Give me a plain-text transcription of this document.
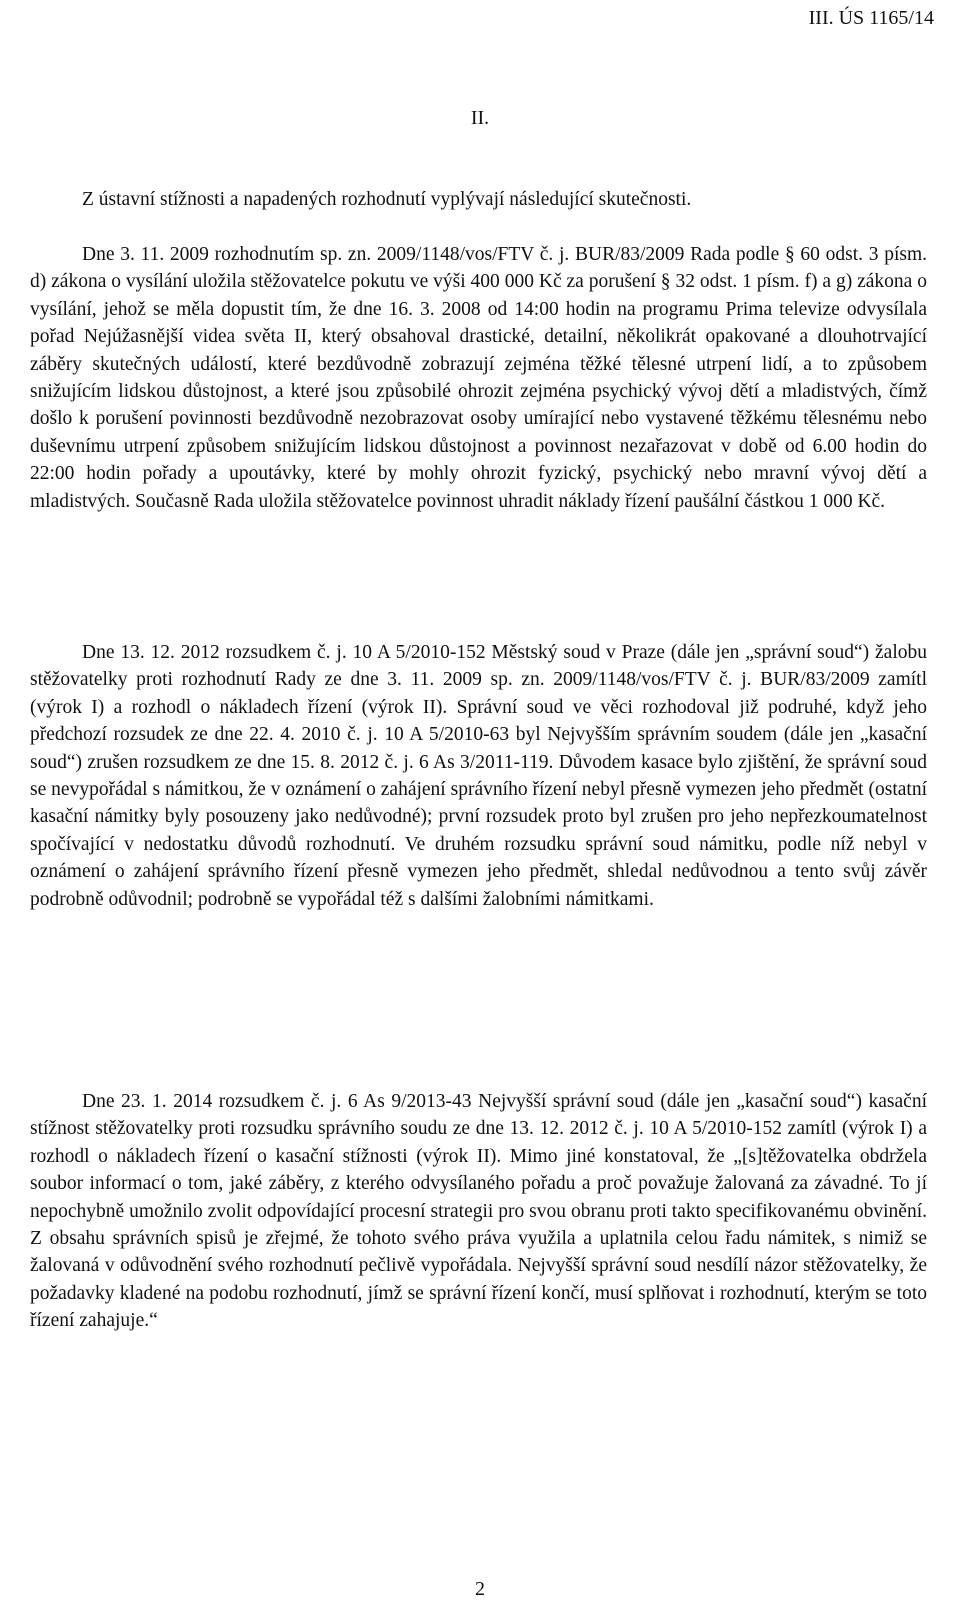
III. ÚS 1165/14

II.

Z ústavní stížnosti a napadených rozhodnutí vyplývají následující skutečnosti.

Dne 3. 11. 2009 rozhodnutím sp. zn. 2009/1148/vos/FTV č. j. BUR/83/2009 Rada podle § 60 odst. 3 písm. d) zákona o vysílání uložila stěžovatelce pokutu ve výši 400 000 Kč za porušení § 32 odst. 1 písm. f) a g) zákona o vysílání, jehož se měla dopustit tím, že dne 16. 3. 2008 od 14:00 hodin na programu Prima televize odvysílala pořad Nejúžasnější videa světa II, který obsahoval drastické, detailní, několikrát opakované a dlouhotrvající záběry skutečných událostí, které bezdůvodně zobrazují zejména těžké tělesné utrpení lidí, a to způsobem snižujícím lidskou důstojnost, a které jsou způsobilé ohrozit zejména psychický vývoj dětí a mladistvých, čímž došlo k porušení povinnosti bezdůvodně nezobrazovat osoby umírající nebo vystavené těžkému tělesnému nebo duševnímu utrpení způsobem snižujícím lidskou důstojnost a povinnost nezařazovat v době od 6.00 hodin do 22:00 hodin pořady a upoutávky, které by mohly ohrozit fyzický, psychický nebo mravní vývoj dětí a mladistvých. Současně Rada uložila stěžovatelce povinnost uhradit náklady řízení paušální částkou 1 000 Kč.

Dne 13. 12. 2012 rozsudkem č. j. 10 A 5/2010-152 Městský soud v Praze (dále jen „správní soud“) žalobu stěžovatelky proti rozhodnutí Rady ze dne 3. 11. 2009 sp. zn. 2009/1148/vos/FTV č. j. BUR/83/2009 zamítl (výrok I) a rozhodl o nákladech řízení (výrok II). Správní soud ve věci rozhodoval již podruhé, když jeho předchozí rozsudek ze dne 22. 4. 2010 č. j. 10 A 5/2010-63 byl Nejvyšším správním soudem (dále jen „kasační soud“) zrušen rozsudkem ze dne 15. 8. 2012 č. j. 6 As 3/2011-119. Důvodem kasace bylo zjištění, že správní soud se nevypořádal s námitkou, že v oznámení o zahájení správního řízení nebyl přesně vymezen jeho předmět (ostatní kasační námitky byly posouzeny jako nedůvodné); první rozsudek proto byl zrušen pro jeho nepřezkoumatelnost spočívající v nedostatku důvodů rozhodnutí. Ve druhém rozsudku správní soud námitku, podle níž nebyl v oznámení o zahájení správního řízení přesně vymezen jeho předmět, shledal nedůvodnou a tento svůj závěr podrobně odůvodnil; podrobně se vypořádal též s dalšími žalobními námitkami.

Dne 23. 1. 2014 rozsudkem č. j. 6 As 9/2013-43 Nejvyšší správní soud (dále jen „kasační soud“) kasační stížnost stěžovatelky proti rozsudku správního soudu ze dne 13. 12. 2012 č. j. 10 A 5/2010-152 zamítl (výrok I) a rozhodl o nákladech řízení o kasační stížnosti (výrok II). Mimo jiné konstatoval, že „[s]těžovatelka obdržela soubor informací o tom, jaké záběry, z kterého odvysílaného pořadu a proč považuje žalovaná za závadné. To jí nepochybně umožnilo zvolit odpovídající procesní strategii pro svou obranu proti takto specifikovanému obvinění. Z obsahu správních spisů je zřejmé, že tohoto svého práva využila a uplatnila celou řadu námitek, s nimiž se žalovaná v odůvodnění svého rozhodnutí pečlivě vypořádala. Nejvyšší správní soud nesdílí názor stěžovatelky, že požadavky kladené na podobu rozhodnutí, jímž se správní řízení končí, musí splňovat i rozhodnutí, kterým se toto řízení zahajuje.“

2
